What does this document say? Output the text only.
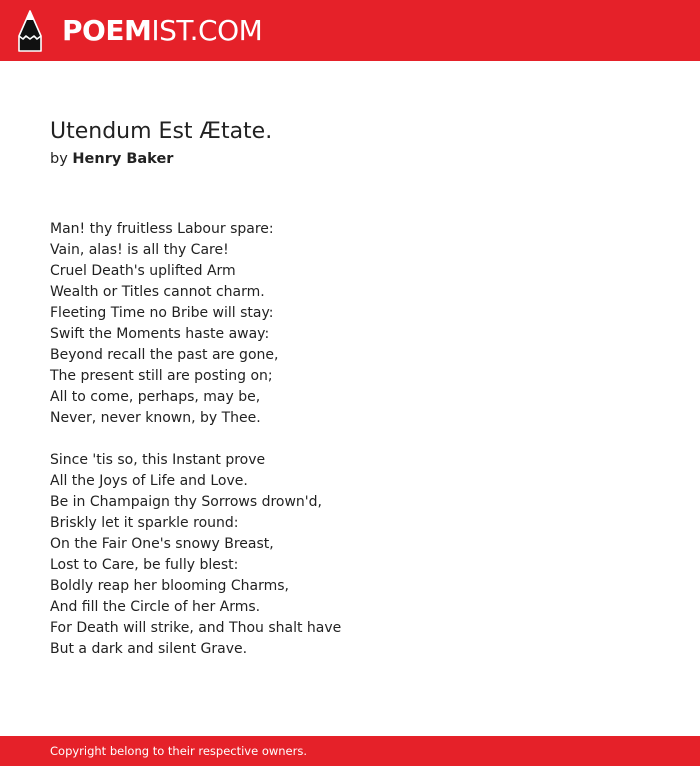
POEMIST.COM
Utendum Est Ætate.
by Henry Baker
Man! thy fruitless Labour spare:
Vain, alas! is all thy Care!
Cruel Death's uplifted Arm
Wealth or Titles cannot charm.
Fleeting Time no Bribe will stay:
Swift the Moments haste away:
Beyond recall the past are gone,
The present still are posting on;
All to come, perhaps, may be,
Never, never known, by Thee.
Since 'tis so, this Instant prove
All the Joys of Life and Love.
Be in Champaign thy Sorrows drown'd,
Briskly let it sparkle round:
On the Fair One's snowy Breast,
Lost to Care, be fully blest:
Boldly reap her blooming Charms,
And fill the Circle of her Arms.
For Death will strike, and Thou shalt have
But a dark and silent Grave.
Copyright belong to their respective owners.
